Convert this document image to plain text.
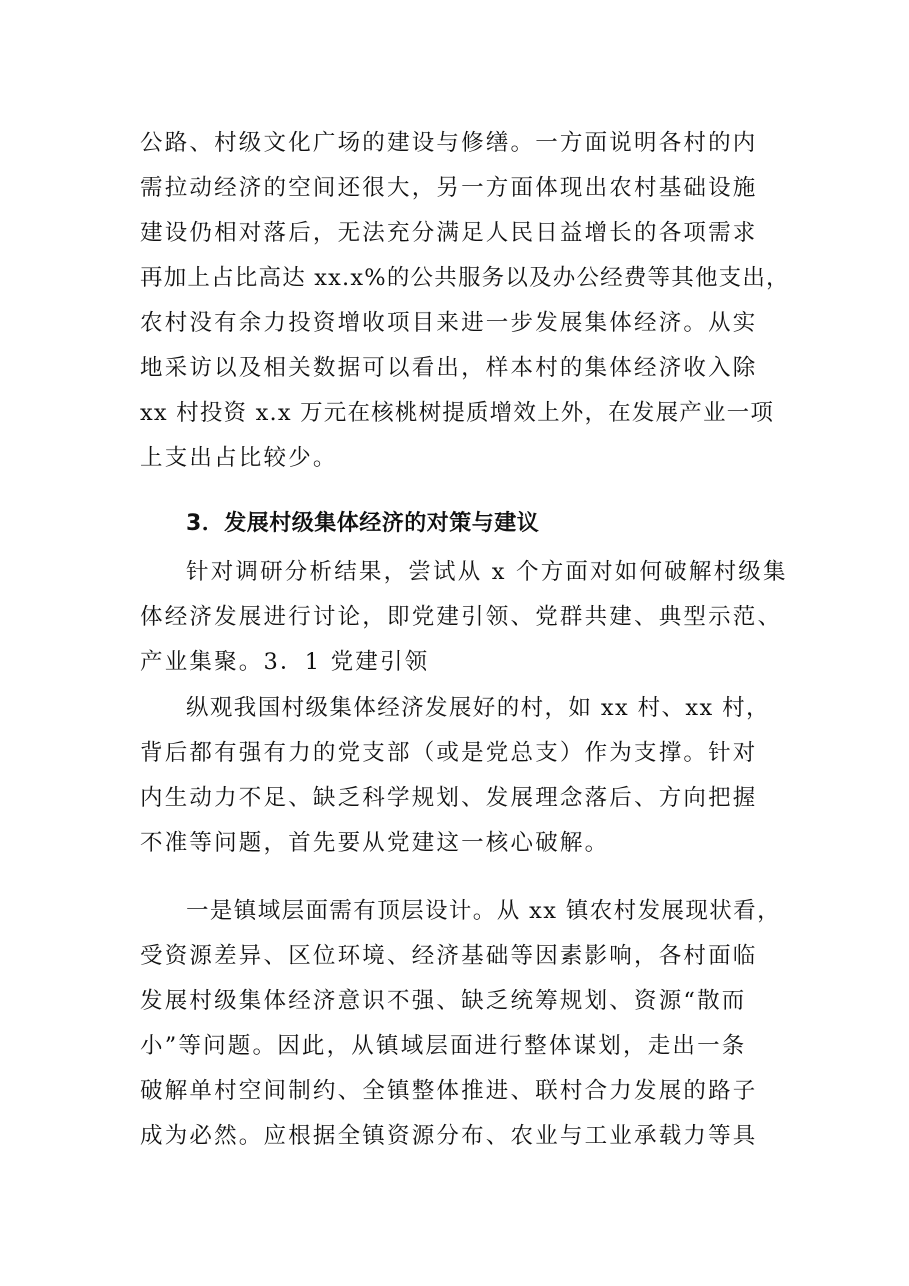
公路、村级文化广场的建设与修缮。一方面说明各村的内
需拉动经济的空间还很大，另一方面体现出农村基础设施
建设仍相对落后，无法充分满足人民日益增长的各项需求
再加上占比高达 xx.x%的公共服务以及办公经费等其他支出，
农村没有余力投资增收项目来进一步发展集体经济。从实
地采访以及相关数据可以看出，样本村的集体经济收入除
xx 村投资 x.x 万元在核桃树提质增效上外，在发展产业一项
上支出占比较少。
3．发展村级集体经济的对策与建议
针对调研分析结果，尝试从 x 个方面对如何破解村级集
体经济发展进行讨论，即党建引领、党群共建、典型示范、
产业集聚。3．1 党建引领
纵观我国村级集体经济发展好的村，如 xx 村、xx 村，
背后都有强有力的党支部（或是党总支）作为支撑。针对
内生动力不足、缺乏科学规划、发展理念落后、方向把握
不准等问题，首先要从党建这一核心破解。
一是镇域层面需有顶层设计。从 xx 镇农村发展现状看，
受资源差异、区位环境、经济基础等因素影响，各村面临
发展村级集体经济意识不强、缺乏统筹规划、资源“散而
小”等问题。因此，从镇域层面进行整体谋划，走出一条
破解单村空间制约、全镇整体推进、联村合力发展的路子
成为必然。应根据全镇资源分布、农业与工业承载力等具
